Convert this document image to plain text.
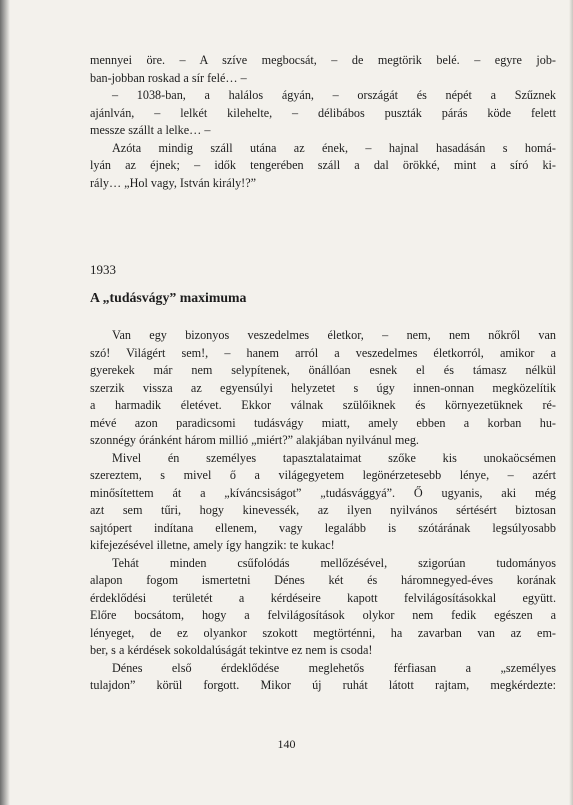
mennyei öre. – A szíve megbocsát, – de megtörik belé. – egyre job-
ban-jobban roskad a sír felé… –
– 1038-ban, a halálos ágyán, – országát és népét a Szűznek
ajánlván, – lelkét kilehelte, – délibábos puszták párás köde felett
messze szállt a lelke… –
Azóta mindig száll utána az ének, – hajnal hasadásán s homá-
lyán az éjnek; – idők tengerében száll a dal örökké, mint a síró ki-
rály… „Hol vagy, István király!?”
1933
A „tudásvágy” maximuma
Van egy bizonyos veszedelmes életkor, – nem, nem nőkről van
szó! Világért sem!, – hanem arról a veszedelmes életkorról, amikor a
gyerekek már nem selypítenek, önállóan esnek el és támasz nélkül
szerzik vissza az egyensúlyi helyzetet s úgy innen-onnan megközelítik
a harmadik életévet. Ekkor válnak szülőiknek és környezetüknek ré-
mévé azon paradicsomi tudásvágy miatt, amely ebben a korban hu-
szonnégy óránként három millió „miért?” alakjában nyilvánul meg.
Mivel én személyes tapasztalataimat szőke kis unokaöcsémen
szereztem, s mivel ő a világegyetem legönérzetesebb lénye, – azért
minősítettem át a „kíváncsiságot” „tudásvággyá”. Ő ugyanis, aki még
azt sem tűri, hogy kinevessék, az ilyen nyilvános sértésért biztosan
sajtópert indítana ellenem, vagy legalább is szótárának legsúlyosabb
kifejezésével illetne, amely így hangzik: te kukac!
Tehát minden csűfolódás mellőzésével, szigorúan tudományos
alapon fogom ismertetni Dénes két és háromnegyed-éves korának
érdeklődési területét a kérdéseire kapott felvilágosításokkal együtt.
Előre bocsátom, hogy a felvilágosítások olykor nem fedik egészen a
lényeget, de ez olyankor szokott megtörténni, ha zavarban van az em-
ber, s a kérdések sokoldalúságát tekintve ez nem is csoda!
Dénes első érdeklődése meglehetős férfiasan a „személyes
tulajdon” körül forgott. Mikor új ruhát látott rajtam, megkérdezte:
140
